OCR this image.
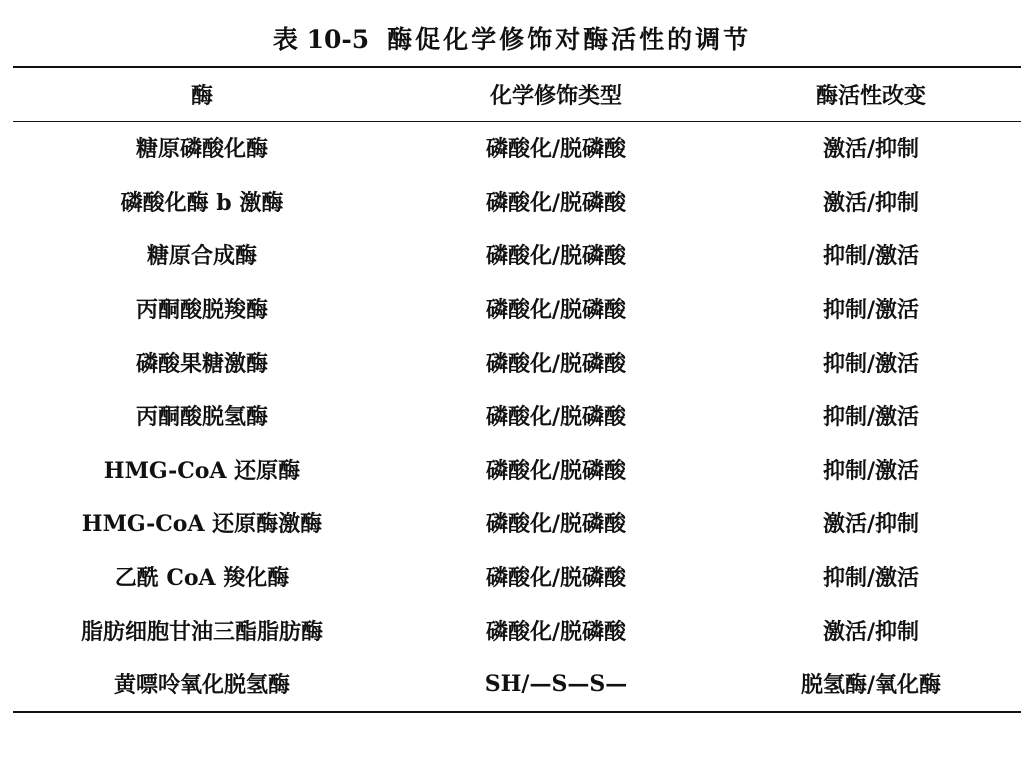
表 10-5 酶促化学修饰对酶活性的调节
酶	化学修饰类型	酶活性改变
糖原磷酸化酶	磷酸化/脱磷酸	激活/抑制
磷酸化酶 b 激酶	磷酸化/脱磷酸	激活/抑制
糖原合成酶	磷酸化/脱磷酸	抑制/激活
丙酮酸脱羧酶	磷酸化/脱磷酸	抑制/激活
磷酸果糖激酶	磷酸化/脱磷酸	抑制/激活
丙酮酸脱氢酶	磷酸化/脱磷酸	抑制/激活
HMG-CoA 还原酶	磷酸化/脱磷酸	抑制/激活
HMG-CoA 还原酶激酶	磷酸化/脱磷酸	激活/抑制
乙酰 CoA 羧化酶	磷酸化/脱磷酸	抑制/激活
脂肪细胞甘油三酯脂肪酶	磷酸化/脱磷酸	激活/抑制
黄嘌呤氧化脱氢酶	SH/—S—S—	脱氢酶/氧化酶
